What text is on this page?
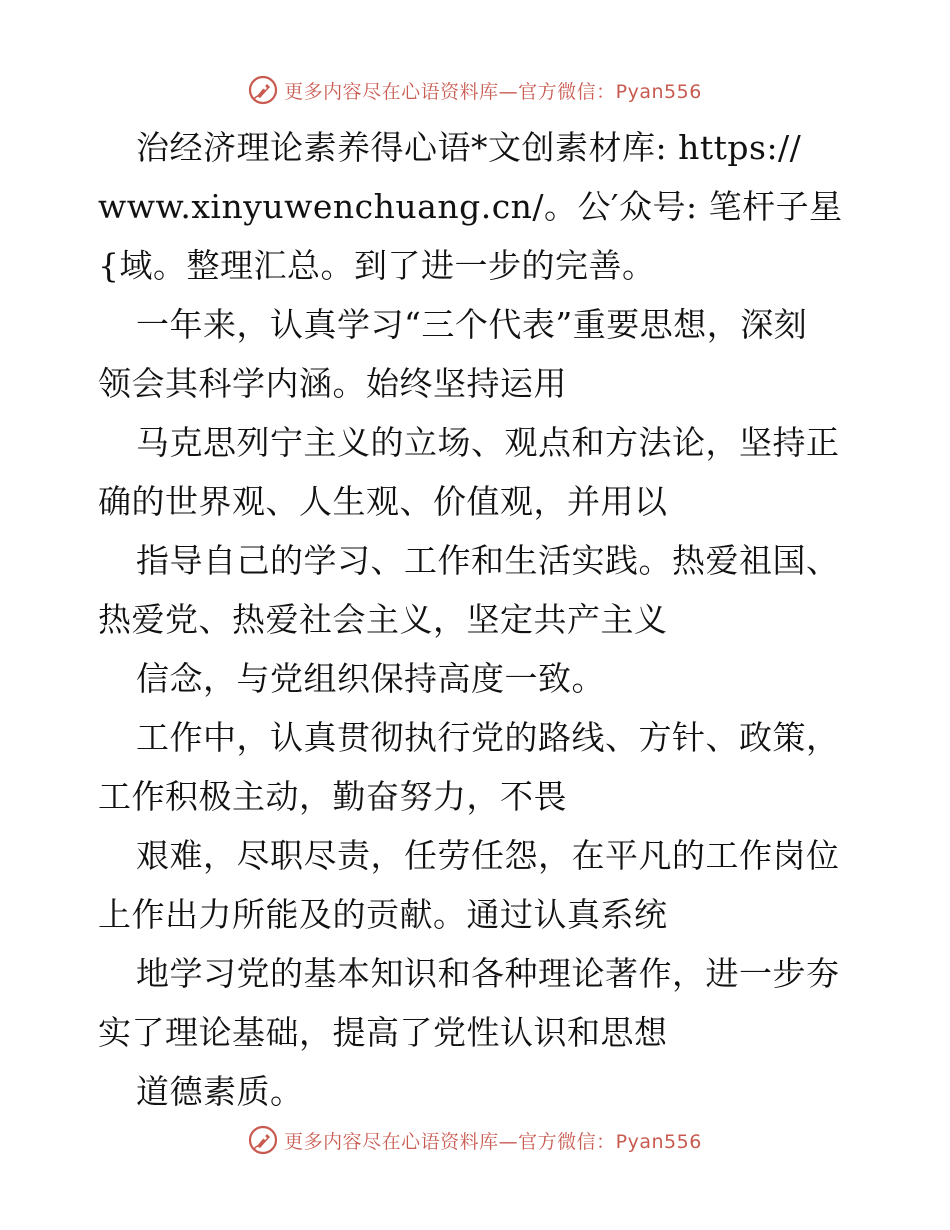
更多内容尽在心语资料库—官方微信：Pyan556
治经济理论素养得心语*文创素材库: https://
www.xinyuwenchuang.cn/。公′众号: 笔杆子星
{域。整理汇总。到了进一步的完善。
一年来，认真学习“三个代表”重要思想，深刻
领会其科学内涵。始终坚持运用
马克思列宁主义的立场、观点和方法论，坚持正
确的世界观、人生观、价值观，并用以
指导自己的学习、工作和生活实践。热爱祖国、
热爱党、热爱社会主义，坚定共产主义
信念，与党组织保持高度一致。
工作中，认真贯彻执行党的路线、方针、政策，
工作积极主动，勤奋努力，不畏
艰难，尽职尽责，任劳任怨，在平凡的工作岗位
上作出力所能及的贡献。通过认真系统
地学习党的基本知识和各种理论著作，进一步夯
实了理论基础，提高了党性认识和思想
道德素质。
更多内容尽在心语资料库—官方微信：Pyan556
